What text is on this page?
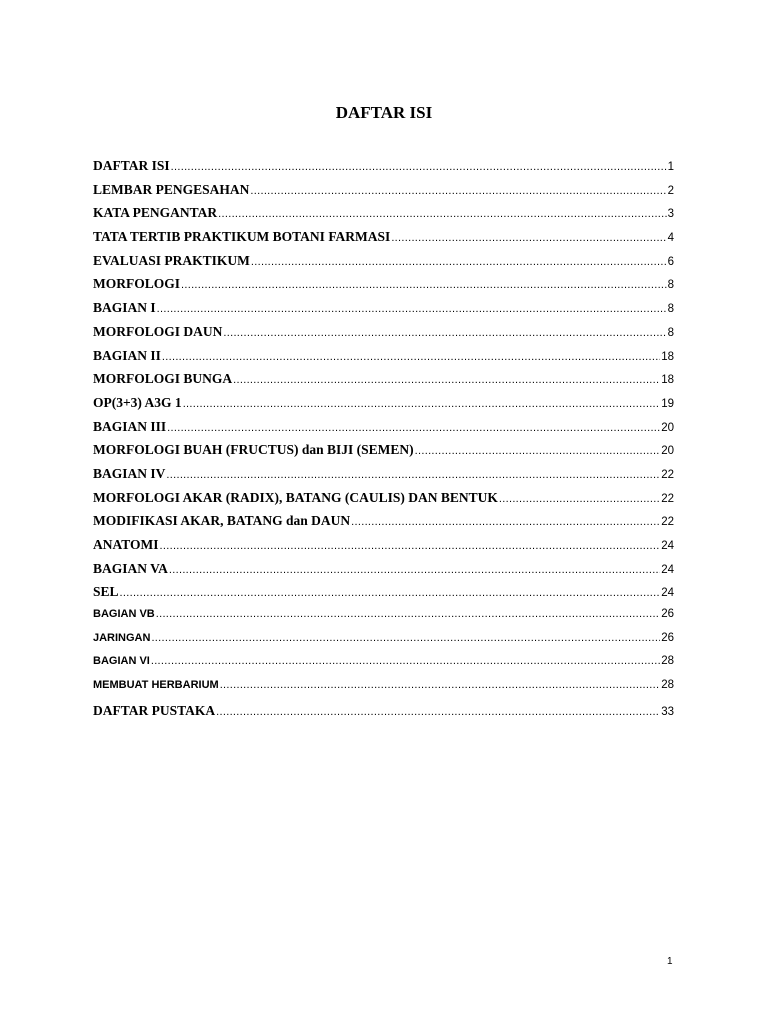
DAFTAR ISI
DAFTAR ISI .....	1
LEMBAR PENGESAHAN .....	2
KATA PENGANTAR .....	3
TATA TERTIB PRAKTIKUM BOTANI FARMASI .....	4
EVALUASI PRAKTIKUM .....	6
MORFOLOGI .....	8
BAGIAN I .....	8
MORFOLOGI DAUN .....	8
BAGIAN II .....	18
MORFOLOGI BUNGA .....	18
OP(3+3) A3G 1 .....	19
BAGIAN III .....	20
MORFOLOGI BUAH (FRUCTUS) dan BIJI (SEMEN) .....	20
BAGIAN IV .....	22
MORFOLOGI AKAR (RADIX), BATANG (CAULIS) DAN BENTUK .....	22
MODIFIKASI AKAR, BATANG dan DAUN .....	22
ANATOMI .....	24
BAGIAN VA .....	24
SEL .....	24
BAGIAN VB .....	26
JARINGAN .....	26
BAGIAN VI .....	28
MEMBUAT HERBARIUM .....	28
DAFTAR PUSTAKA .....	33
1
